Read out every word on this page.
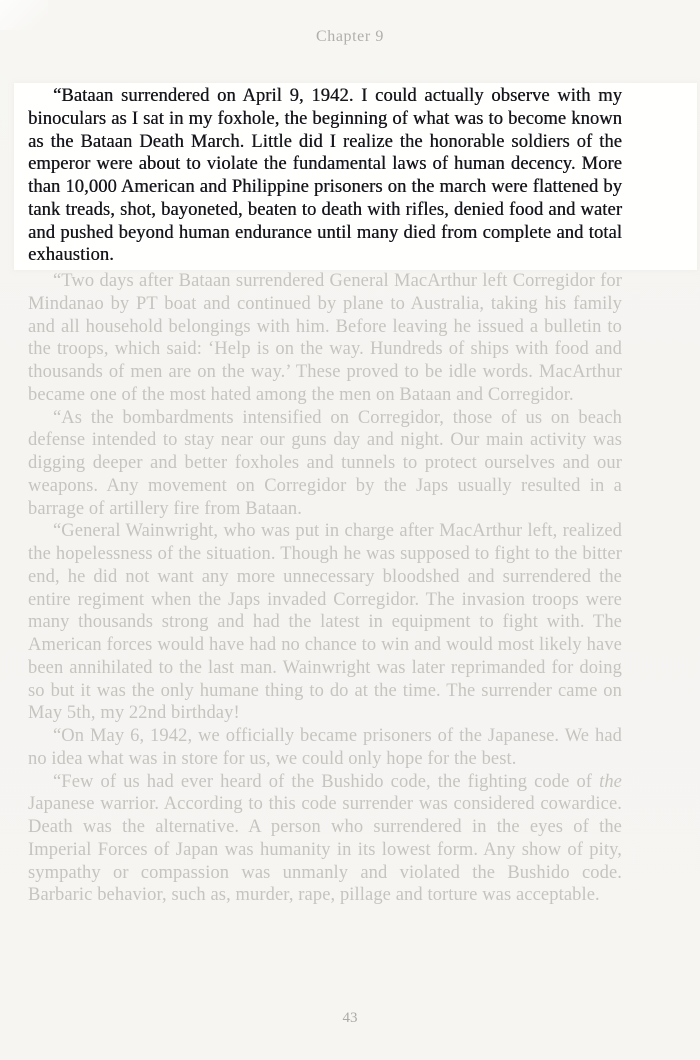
Chapter 9

“Bataan surrendered on April 9, 1942. I could actually observe with my binoculars as I sat in my foxhole, the beginning of what was to become known as the Bataan Death March. Little did I realize the honorable soldiers of the emperor were about to violate the fundamental laws of human decency. More than 10,000 American and Philippine prisoners on the march were flattened by tank treads, shot, bayoneted, beaten to death with rifles, denied food and water and pushed beyond human endurance until many died from complete and total exhaustion.

“Two days after Bataan surrendered General MacArthur left Corregidor for Mindanao by PT boat and continued by plane to Australia, taking his family and all household belongings with him. Before leaving he issued a bulletin to the troops, which said: ‘Help is on the way. Hundreds of ships with food and thousands of men are on the way.’ These proved to be idle words. MacArthur became one of the most hated among the men on Bataan and Corregidor.

“As the bombardments intensified on Corregidor, those of us on beach defense intended to stay near our guns day and night. Our main activity was digging deeper and better foxholes and tunnels to protect ourselves and our weapons. Any movement on Corregidor by the Japs usually resulted in a barrage of artillery fire from Bataan.

“General Wainwright, who was put in charge after MacArthur left, realized the hopelessness of the situation. Though he was supposed to fight to the bitter end, he did not want any more unnecessary bloodshed and surrendered the entire regiment when the Japs invaded Corregidor. The invasion troops were many thousands strong and had the latest in equipment to fight with. The American forces would have had no chance to win and would most likely have been annihilated to the last man. Wainwright was later reprimanded for doing so but it was the only humane thing to do at the time. The surrender came on May 5th, my 22nd birthday!

“On May 6, 1942, we officially became prisoners of the Japanese. We had no idea what was in store for us, we could only hope for the best.

“Few of us had ever heard of the Bushido code, the fighting code of the Japanese warrior. According to this code surrender was considered cowardice. Death was the alternative. A person who surrendered in the eyes of the Imperial Forces of Japan was humanity in its lowest form. Any show of pity, sympathy or compassion was unmanly and violated the Bushido code. Barbaric behavior, such as, murder, rape, pillage and torture was acceptable.

43
